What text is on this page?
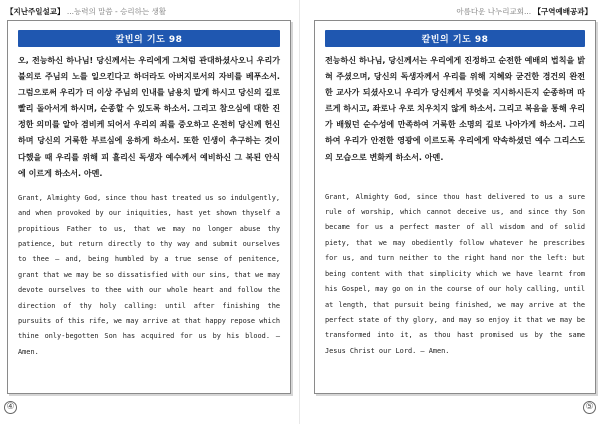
【지난주일설교】 ...능력의 말씀 - 승리하는 생활
칼빈의 기도 98
오, 전능하신 하나님! 당신께서는 우리에게 그처럼 관대하셨사오니 우리가 불의로 주님의 노를 일으킨다고 하더라도 아버지로서의 자비를 베푸소서. 그럼으로써 우리가 더 이상 주님의 인내를 남용치 말게 하시고 당신의 길로 빨리 돌아서게 하시며, 순종할 수 있도록 하소서. 그리고 참으심에 대한 진정한 의미를 알아 겸비케 되어서 우리의 죄를 중오하고 온전히 당신께 헌신하며 당신의 거룩한 부르심에 응하게 하소서. 또한 인생이 추구하는 것이 다했을 때 우리를 위해 피 흘리신 독생자 예수께서 예비하신 그 복된 안식에 이르게 하소서. 아멘.
Grant, Almighty God, since thou hast treated us so indulgently, and when provoked by our iniquities, hast yet shown thyself a propitious Father to us, that we may no longer abuse thy patience, but return directly to thy way and submit ourselves to thee — and, being humbled by a true sense of penitence, grant that we may be so dissatisfied with our sins, that we may devote ourselves to thee with our whole heart and follow the direction of thy holy calling: until after finishing the pursuits of this rife, we may arrive at that happy repose which thine only-begotten Son has acquired for us by his blood. — Amen.
④
아름다운 나누리교회... 【구역예배공과】
칼빈의 기도 98
전능하신 하나님, 당신께서는 우리에게 진정하고 순전한 예배의 법칙을 밝혀 주셨으며, 당신의 독생자께서 우리를 위해 지혜와 굳건한 경건의 완전한 교사가 되셨사오니 우리가 당신께서 무엇을 지시하시든지 순종하며 따르게 하시고, 좌로나 우로 치우치지 않게 하소서. 그리고 복음을 통해 우리가 배웠던 순수성에 만족하여 거룩한 소명의 길로 나아가게 하소서. 그리하여 우리가 안전한 영광에 이르도록 우리에게 약속하셨던 예수 그리스도의 모습으로 변화케 하소서. 아멘.
Grant, Almighty God, since thou hast delivered to us a sure rule of worship, which cannot deceive us, and since thy Son became for us a perfect master of all wisdom and of solid piety, that we may obediently follow whatever he prescribes for us, and turn neither to the right hand nor the left: but being content with that simplicity which we have learnt from his Gospel, may go on in the course of our holy calling, until at length, that pursuit being finished, we may arrive at the perfect state of thy glory, and may so enjoy it that we may be transformed into it, as thou hast promised us by the same Jesus Christ our Lord. — Amen.
⑤
